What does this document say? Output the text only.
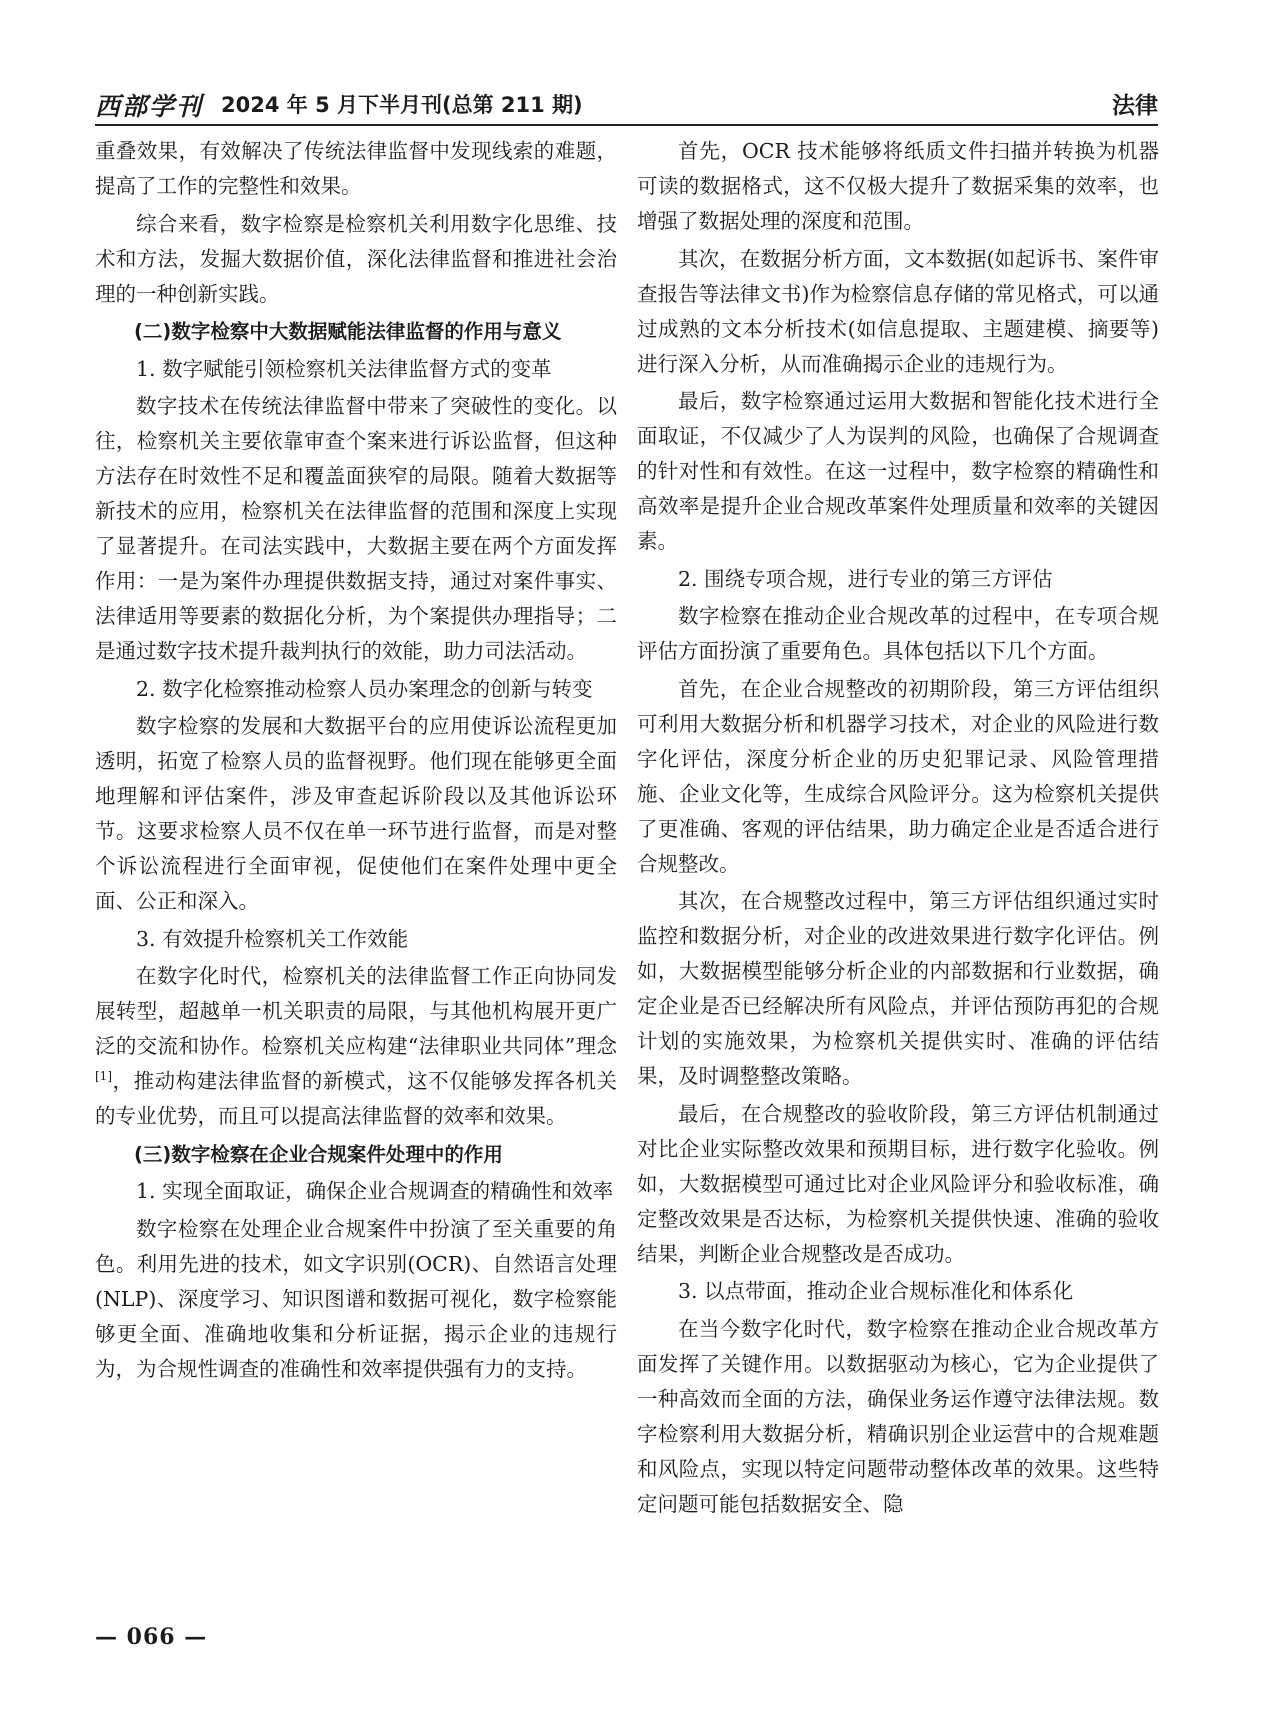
西部学刊 2024 年 5 月下半月刊(总第 211 期)	法律

重叠效果，有效解决了传统法律监督中发现线索的难题，提高了工作的完整性和效果。

综合来看，数字检察是检察机关利用数字化思维、技术和方法，发掘大数据价值，深化法律监督和推进社会治理的一种创新实践。

(二)数字检察中大数据赋能法律监督的作用与意义

1. 数字赋能引领检察机关法律监督方式的变革

数字技术在传统法律监督中带来了突破性的变化。以往，检察机关主要依靠审查个案来进行诉讼监督，但这种方法存在时效性不足和覆盖面狭窄的局限。随着大数据等新技术的应用，检察机关在法律监督的范围和深度上实现了显著提升。在司法实践中，大数据主要在两个方面发挥作用：一是为案件办理提供数据支持，通过对案件事实、法律适用等要素的数据化分析，为个案提供办理指导；二是通过数字技术提升裁判执行的效能，助力司法活动。

2. 数字化检察推动检察人员办案理念的创新与转变

数字检察的发展和大数据平台的应用使诉讼流程更加透明，拓宽了检察人员的监督视野。他们现在能够更全面地理解和评估案件，涉及审查起诉阶段以及其他诉讼环节。这要求检察人员不仅在单一环节进行监督，而是对整个诉讼流程进行全面审视，促使他们在案件处理中更全面、公正和深入。

3. 有效提升检察机关工作效能

在数字化时代，检察机关的法律监督工作正向协同发展转型，超越单一机关职责的局限，与其他机构展开更广泛的交流和协作。检察机关应构建“法律职业共同体”理念[1]，推动构建法律监督的新模式，这不仅能够发挥各机关的专业优势，而且可以提高法律监督的效率和效果。

(三)数字检察在企业合规案件处理中的作用

1. 实现全面取证，确保企业合规调查的精确性和效率

数字检察在处理企业合规案件中扮演了至关重要的角色。利用先进的技术，如文字识别(OCR)、自然语言处理(NLP)、深度学习、知识图谱和数据可视化，数字检察能够更全面、准确地收集和分析证据，揭示企业的违规行为，为合规性调查的准确性和效率提供强有力的支持。

首先，OCR 技术能够将纸质文件扫描并转换为机器可读的数据格式，这不仅极大提升了数据采集的效率，也增强了数据处理的深度和范围。

其次，在数据分析方面，文本数据(如起诉书、案件审查报告等法律文书)作为检察信息存储的常见格式，可以通过成熟的文本分析技术(如信息提取、主题建模、摘要等)进行深入分析，从而准确揭示企业的违规行为。

最后，数字检察通过运用大数据和智能化技术进行全面取证，不仅减少了人为误判的风险，也确保了合规调查的针对性和有效性。在这一过程中，数字检察的精确性和高效率是提升企业合规改革案件处理质量和效率的关键因素。

2. 围绕专项合规，进行专业的第三方评估

数字检察在推动企业合规改革的过程中，在专项合规评估方面扮演了重要角色。具体包括以下几个方面。

首先，在企业合规整改的初期阶段，第三方评估组织可利用大数据分析和机器学习技术，对企业的风险进行数字化评估，深度分析企业的历史犯罪记录、风险管理措施、企业文化等，生成综合风险评分。这为检察机关提供了更准确、客观的评估结果，助力确定企业是否适合进行合规整改。

其次，在合规整改过程中，第三方评估组织通过实时监控和数据分析，对企业的改进效果进行数字化评估。例如，大数据模型能够分析企业的内部数据和行业数据，确定企业是否已经解决所有风险点，并评估预防再犯的合规计划的实施效果，为检察机关提供实时、准确的评估结果，及时调整整改策略。

最后，在合规整改的验收阶段，第三方评估机制通过对比企业实际整改效果和预期目标，进行数字化验收。例如，大数据模型可通过比对企业风险评分和验收标准，确定整改效果是否达标，为检察机关提供快速、准确的验收结果，判断企业合规整改是否成功。

3. 以点带面，推动企业合规标准化和体系化

在当今数字化时代，数字检察在推动企业合规改革方面发挥了关键作用。以数据驱动为核心，它为企业提供了一种高效而全面的方法，确保业务运作遵守法律法规。数字检察利用大数据分析，精确识别企业运营中的合规难题和风险点，实现以特定问题带动整体改革的效果。这些特定问题可能包括数据安全、隐

— 066 —
